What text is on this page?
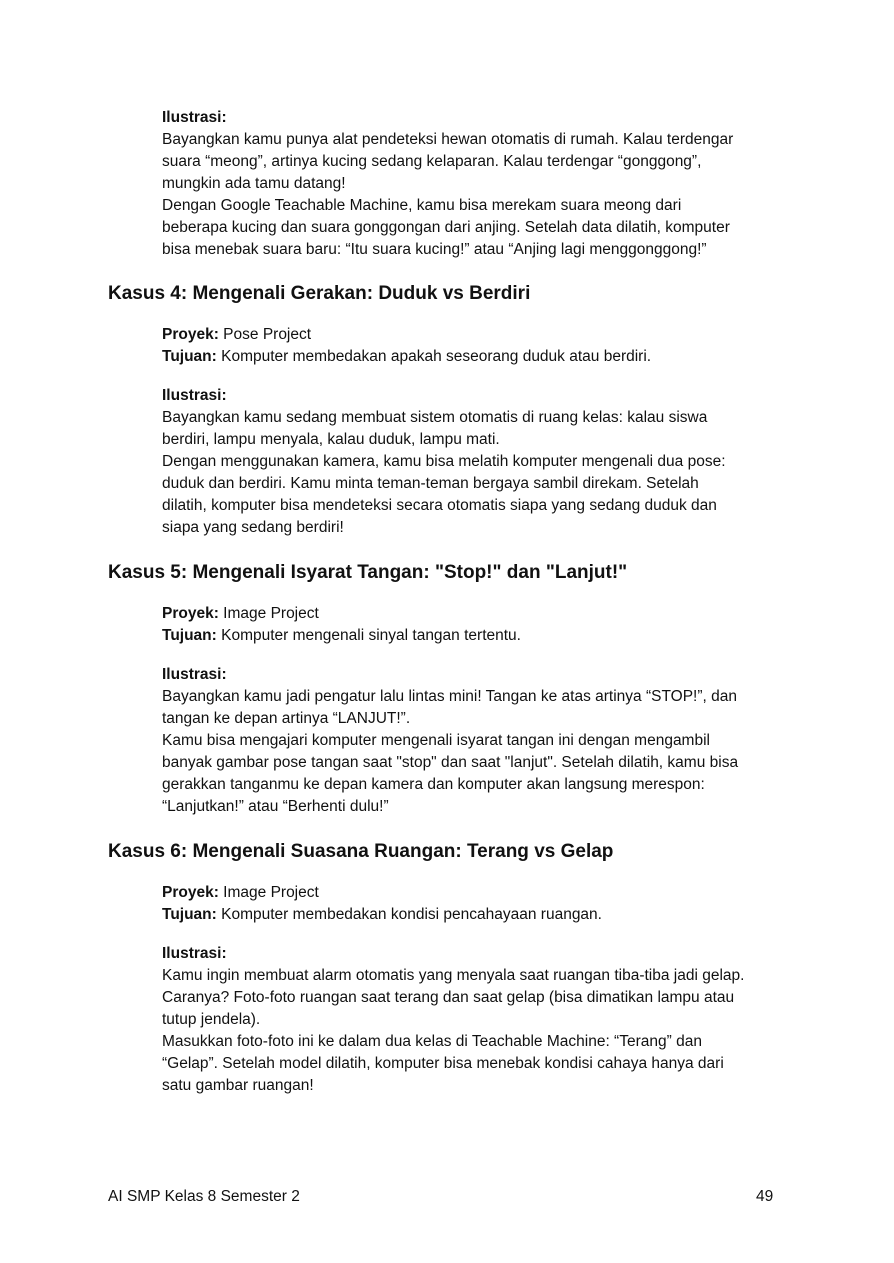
Ilustrasi:

Bayangkan kamu punya alat pendeteksi hewan otomatis di rumah. Kalau terdengar

suara “meong”, artinya kucing sedang kelaparan. Kalau terdengar “gonggong”,

mungkin ada tamu datang!

Dengan Google Teachable Machine, kamu bisa merekam suara meong dari

beberapa kucing dan suara gonggongan dari anjing. Setelah data dilatih, komputer

bisa menebak suara baru: “Itu suara kucing!” atau “Anjing lagi menggonggong!”

Kasus 4: Mengenali Gerakan: Duduk vs Berdiri

Proyek: Pose Project

Tujuan: Komputer membedakan apakah seseorang duduk atau berdiri.

Ilustrasi:

Bayangkan kamu sedang membuat sistem otomatis di ruang kelas: kalau siswa

berdiri, lampu menyala, kalau duduk, lampu mati.

Dengan menggunakan kamera, kamu bisa melatih komputer mengenali dua pose:

duduk dan berdiri. Kamu minta teman-teman bergaya sambil direkam. Setelah

dilatih, komputer bisa mendeteksi secara otomatis siapa yang sedang duduk dan

siapa yang sedang berdiri!

Kasus 5: Mengenali Isyarat Tangan: "Stop!" dan "Lanjut!"

Proyek: Image Project

Tujuan: Komputer mengenali sinyal tangan tertentu.

Ilustrasi:

Bayangkan kamu jadi pengatur lalu lintas mini! Tangan ke atas artinya “STOP!”, dan

tangan ke depan artinya “LANJUT!”.

Kamu bisa mengajari komputer mengenali isyarat tangan ini dengan mengambil

banyak gambar pose tangan saat "stop" dan saat "lanjut". Setelah dilatih, kamu bisa

gerakkan tanganmu ke depan kamera dan komputer akan langsung merespon:

“Lanjutkan!” atau “Berhenti dulu!”

Kasus 6: Mengenali Suasana Ruangan: Terang vs Gelap

Proyek: Image Project

Tujuan: Komputer membedakan kondisi pencahayaan ruangan.

Ilustrasi:

Kamu ingin membuat alarm otomatis yang menyala saat ruangan tiba-tiba jadi gelap.

Caranya? Foto-foto ruangan saat terang dan saat gelap (bisa dimatikan lampu atau

tutup jendela).

Masukkan foto-foto ini ke dalam dua kelas di Teachable Machine: “Terang” dan

“Gelap”. Setelah model dilatih, komputer bisa menebak kondisi cahaya hanya dari

satu gambar ruangan!

AI SMP Kelas 8 Semester 2	49
